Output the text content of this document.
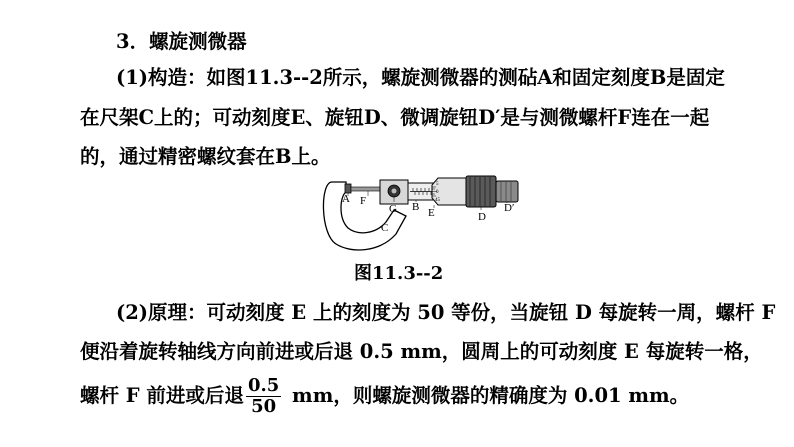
3．螺旋测微器
(1)构造：如图11.3--2所示，螺旋测微器的测砧A和固定刻度B是固定
在尺架C上的；可动刻度E、旋钮D、微调旋钮D′是与测微螺杆F连在一起
的，通过精密螺纹套在B上。
5
0
45
A F
G B E
C
D
D′
图11.3--2
(2)原理：可动刻度 E 上的刻度为 50 等份，当旋钮 D 每旋转一周，螺杆 F
便沿着旋转轴线方向前进或后退 0.5 mm，圆周上的可动刻度 E 每旋转一格，
螺杆 F 前进或后退 $\frac{0.5}{50}$ mm，则螺旋测微器的精确度为 0.01 mm。
